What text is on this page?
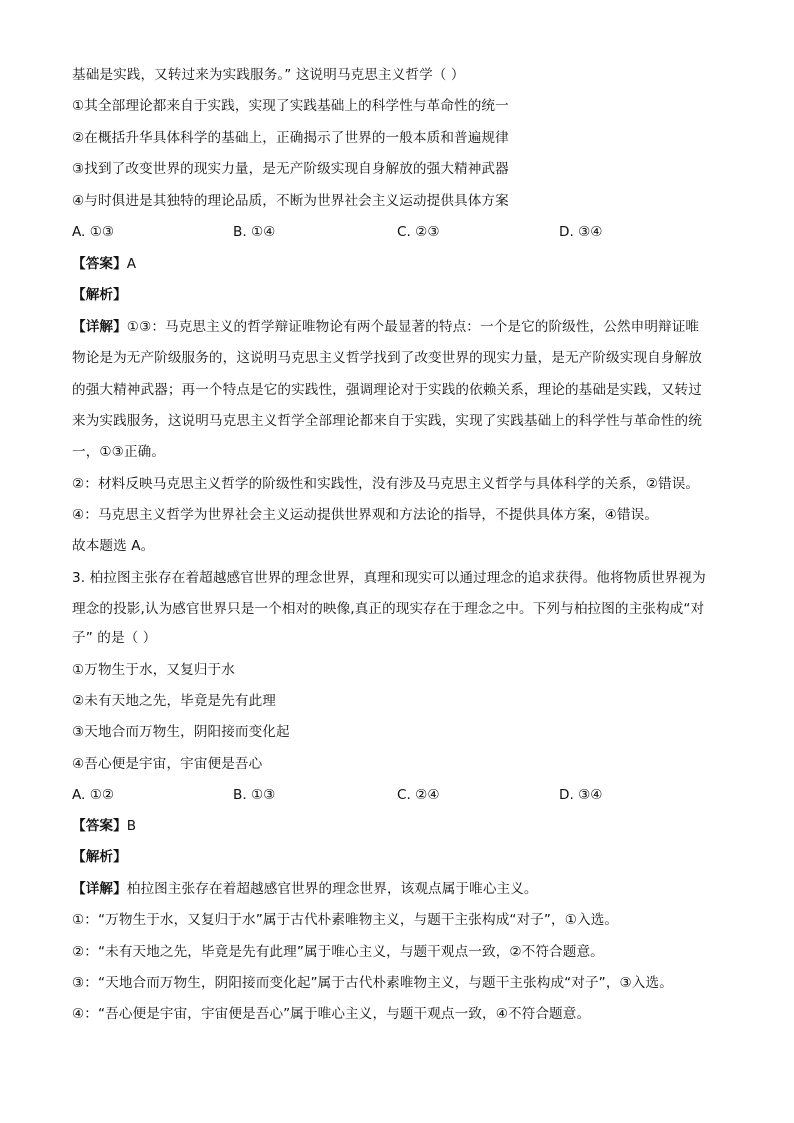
基础是实践，又转过来为实践服务。” 这说明马克思主义哲学（ ）
①其全部理论都来自于实践，实现了实践基础上的科学性与革命性的统一
②在概括升华具体科学的基础上，正确揭示了世界的一般本质和普遍规律
③找到了改变世界的现实力量，是无产阶级实现自身解放的强大精神武器
④与时俱进是其独特的理论品质，不断为世界社会主义运动提供具体方案
A. ①③	B. ①④	C. ②③	D. ③④
【答案】A
【解析】
【详解】①③：马克思主义的哲学辩证唯物论有两个最显著的特点：一个是它的阶级性，公然申明辩证唯
物论是为无产阶级服务的，这说明马克思主义哲学找到了改变世界的现实力量，是无产阶级实现自身解放
的强大精神武器；再一个特点是它的实践性，强调理论对于实践的依赖关系，理论的基础是实践，又转过
来为实践服务，这说明马克思主义哲学全部理论都来自于实践，实现了实践基础上的科学性与革命性的统
一，①③正确。
②：材料反映马克思主义哲学的阶级性和实践性，没有涉及马克思主义哲学与具体科学的关系，②错误。
④：马克思主义哲学为世界社会主义运动提供世界观和方法论的指导，不提供具体方案，④错误。
故本题选 A。
3. 柏拉图主张存在着超越感官世界的理念世界，真理和现实可以通过理念的追求获得。他将物质世界视为
理念的投影,认为感官世界只是一个相对的映像,真正的现实存在于理念之中。下列与柏拉图的主张构成“对
子” 的是（ ）
①万物生于水，又复归于水
②未有天地之先，毕竟是先有此理
③天地合而万物生，阴阳接而变化起
④吾心便是宇宙，宇宙便是吾心
A. ①②	B. ①③	C. ②④	D. ③④
【答案】B
【解析】
【详解】柏拉图主张存在着超越感官世界的理念世界，该观点属于唯心主义。
①：“万物生于水，又复归于水”属于古代朴素唯物主义，与题干主张构成“对子”，①入选。
②：“未有天地之先，毕竟是先有此理”属于唯心主义，与题干观点一致，②不符合题意。
③：“天地合而万物生，阴阳接而变化起”属于古代朴素唯物主义，与题干主张构成“对子”，③入选。
④：“吾心便是宇宙，宇宙便是吾心”属于唯心主义，与题干观点一致，④不符合题意。
